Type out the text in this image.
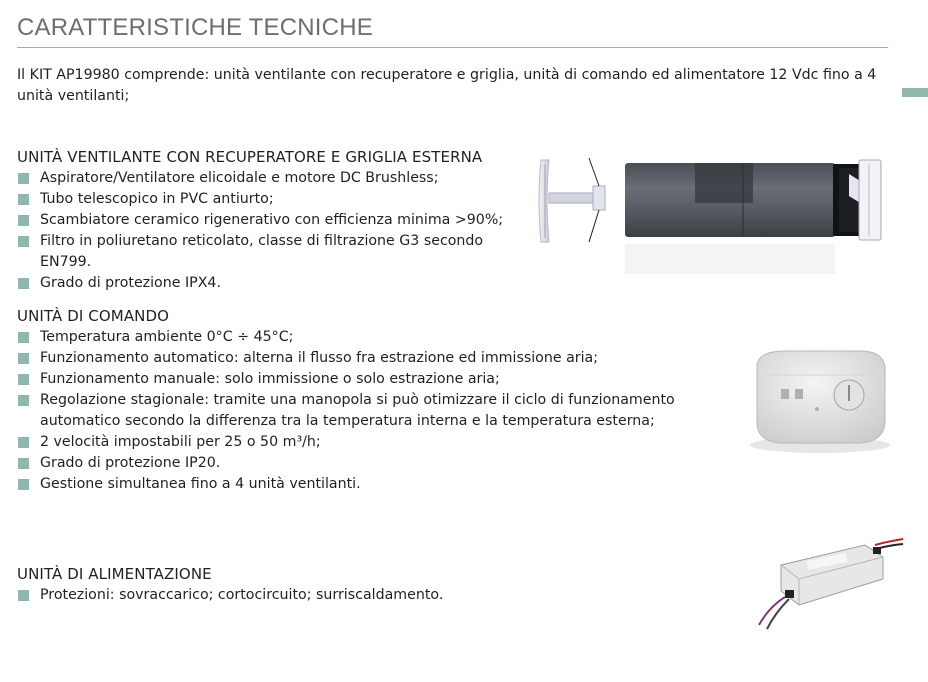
CARATTERISTICHE TECNICHE
Il KIT AP19980 comprende: unità ventilante con recuperatore e griglia, unità di comando ed alimentatore 12 Vdc fino a 4 unità ventilanti;
UNITÀ VENTILANTE CON RECUPERATORE E GRIGLIA ESTERNA
Aspiratore/Ventilatore elicoidale e motore DC Brushless;
Tubo telescopico in PVC antiurto;
Scambiatore ceramico rigenerativo con efficienza minima >90%;
Filtro in poliuretano reticolato, classe di filtrazione G3 secondo EN799.
Grado di protezione IPX4.
UNITÀ DI COMANDO
Temperatura ambiente 0°C ÷ 45°C;
Funzionamento automatico: alterna il flusso fra estrazione ed immissione aria;
Funzionamento manuale: solo immissione o solo estrazione aria;
Regolazione stagionale: tramite una manopola si può otimizzare il ciclo di funzionamento automatico secondo la differenza tra la temperatura interna e la temperatura esterna;
2 velocità impostabili per 25 o 50 m³/h;
Grado di protezione IP20.
Gestione simultanea fino a 4 unità ventilanti.
UNITÀ DI ALIMENTAZIONE
Protezioni: sovraccarico; cortocircuito; surriscaldamento.
